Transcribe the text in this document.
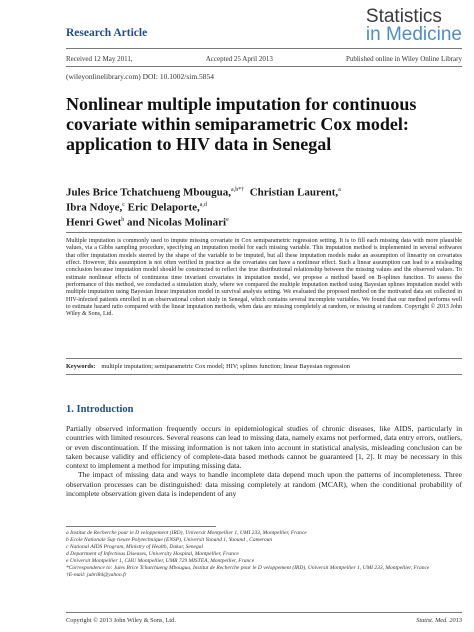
Research Article
Statistics
in Medicine
Received 12 May 2011,	Accepted 25 April 2013	Published online in Wiley Online Library
(wileyonlinelibrary.com) DOI: 10.1002/sim.5854
Nonlinear multiple imputation for continuous covariate within semiparametric Cox model: application to HIV data in Senegal
Jules Brice Tchatchueng Mbougua,$^{a,b*\dagger}$ Christian Laurent,$^a$
Ibra Ndoye,$^c$ Eric Delaporte,$^{a,d}$
Henri Gwet$^b$ and Nicolas Molinari$^e$
Multiple imputation is commonly used to impute missing covariate in Cox semiparametric regression setting. It is to fill each missing data with more plausible values, via a Gibbs sampling procedure, specifying an imputation model for each missing variable. This imputation method is implemented in several softwares that offer imputation models steered by the shape of the variable to be imputed, but all these imputation models make an assumption of linearity on covariates effect. However, this assumption is not often verified in practice as the covariates can have a nonlinear effect. Such a linear assumption can lead to a misleading conclusion because imputation model should be constructed to reflect the true distributional relationship between the missing values and the observed values. To estimate nonlinear effects of continuous time invariant covariates in imputation model, we propose a method based on B-splines function. To assess the performance of this method, we conducted a simulation study, where we compared the multiple imputation method using Bayesian splines imputation model with multiple imputation using Bayesian linear imputation model in survival analysis setting. We evaluated the proposed method on the motivated data set collected in HIV-infected patients enrolled in an observational cohort study in Senegal, which contains several incomplete variables. We found that our method performs well to estimate hazard ratio compared with the linear imputation methods, when data are missing completely at random, or missing at random. Copyright © 2013 John Wiley & Sons, Ltd.
Keywords: multiple imputation; semiparametric Cox model; HIV; splines function; linear Bayesian regression
1. Introduction

Partially observed information frequently occurs in epidemiological studies of chronic diseases, like AIDS, particularly in countries with limited resources. Several reasons can lead to missing data, namely exams not performed, data entry errors, outliers, or even discontinuation. If the missing information is not taken into account in statistical analysis, misleading conclusion can be taken because validity and efficiency of complete-data based methods cannot be guaranteed [1, 2]. It may be necessary in this context to implement a method for imputing missing data.

The impact of missing data and ways to handle incomplete data depend much upon the patterns of incompleteness. Three observation processes can be distinguished: data missing completely at random (MCAR), when the conditional probability of incomplete observation given data is independent of any

a Institut de Recherche pour le D veloppement (IRD), Universit Montpellier 1, UMI 233, Montpellier, France
b Ecole Nationale Sup rieure Polytechnique (ENSP), Universit Yaound 1, Yaound , Cameroun
c National AIDS Program, Ministry of Health, Dakar, Senegal
d Department of Infectious Diseases, University Hospital, Montpellier, France
e Universit Montpellier 1, CHU Montpellier, UMR 729 MISTEA, Montpellier, France
*Correspondence to: Jules Brice Tchatchueng Mbougua, Institut de Recherche pour le D veloppement (IRD), Universit Montpellier 1, UMI 233, Montpellier, France
†E-mail: jubri84@yahoo.fr
Copyright © 2013 John Wiley & Sons, Ltd.	Statist. Med. 2013
